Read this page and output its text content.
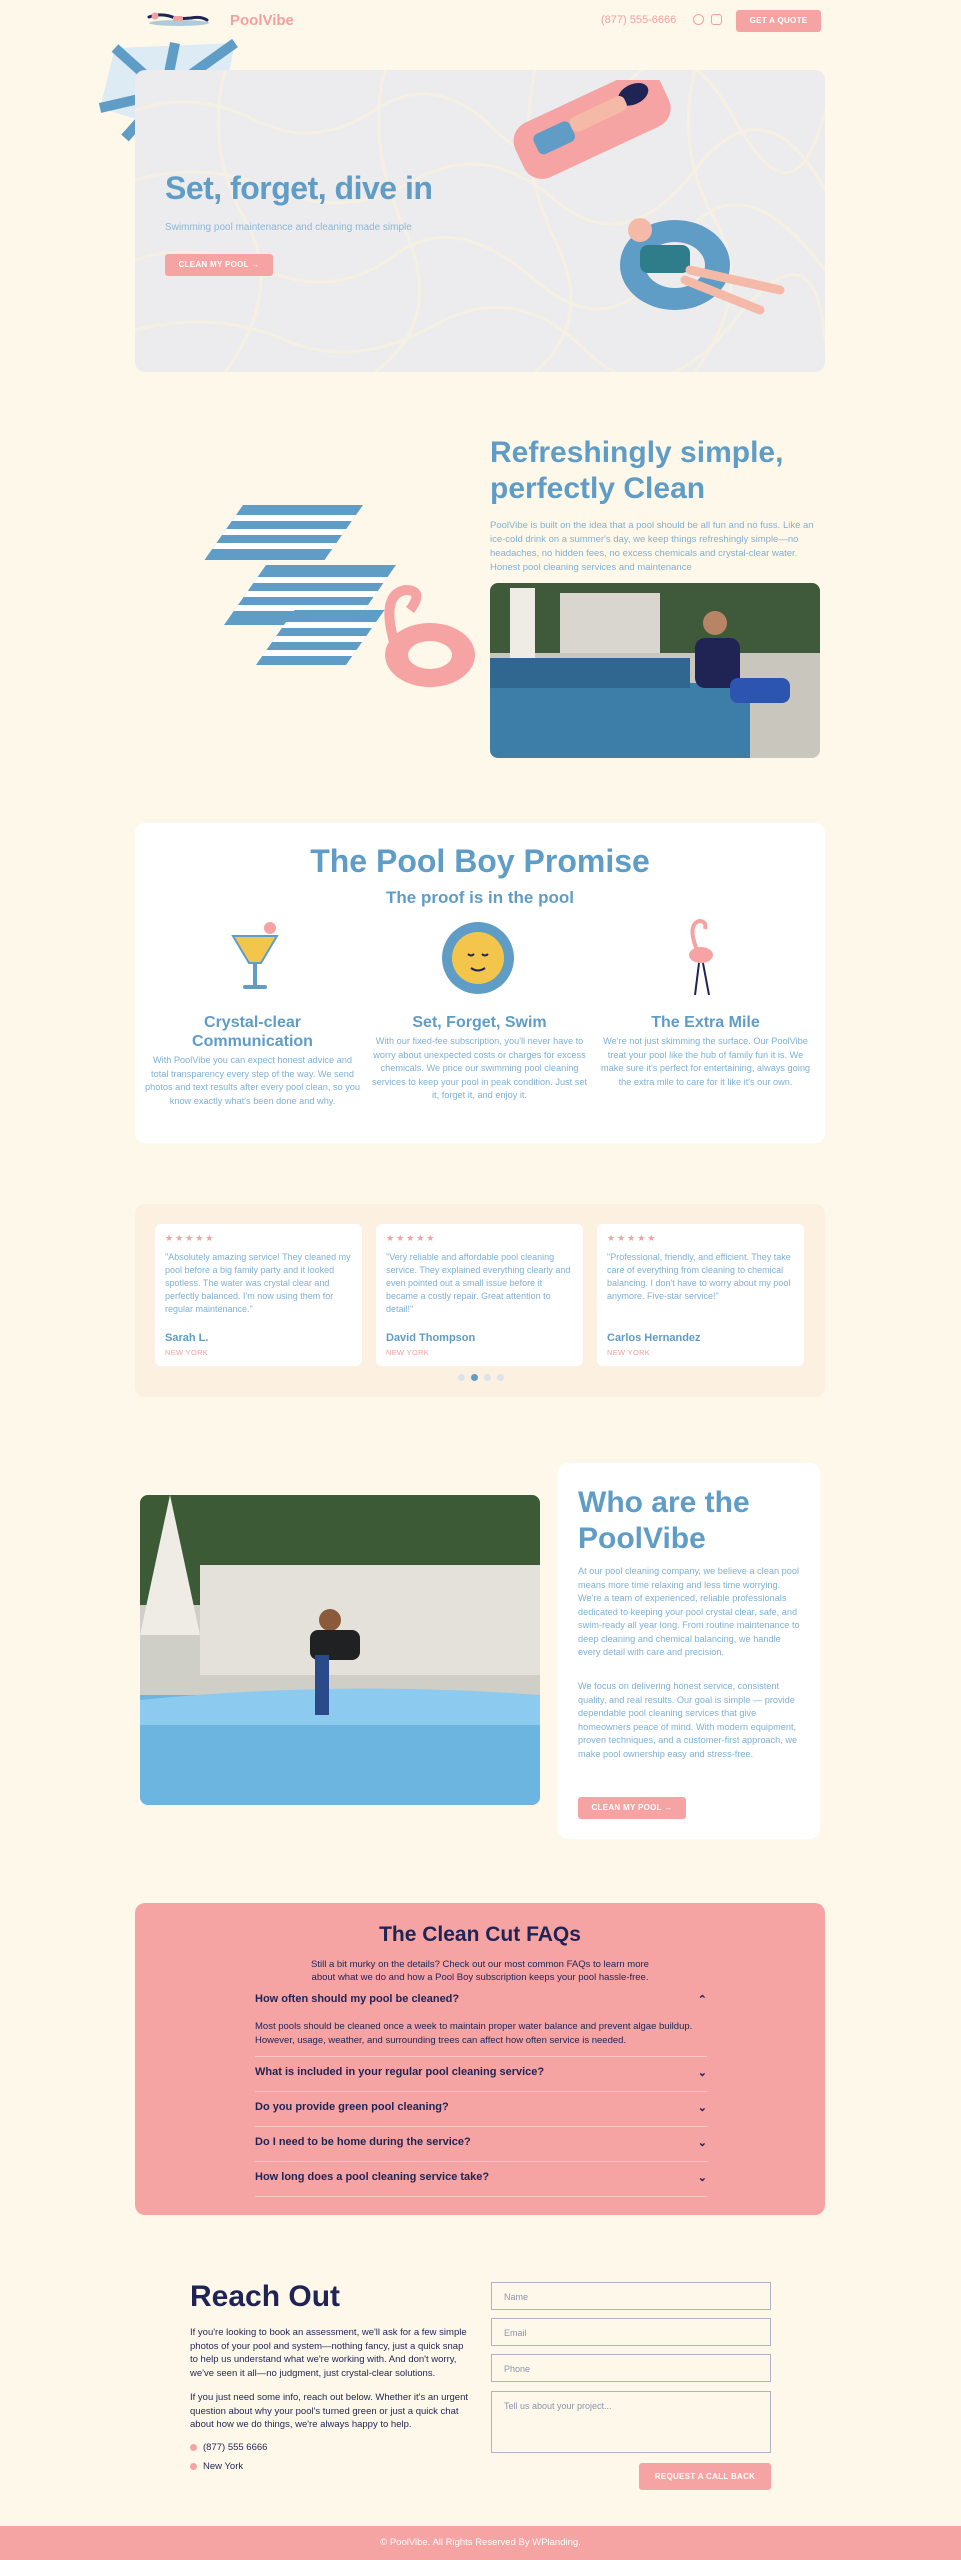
PoolVibe	(877) 555-6666	GET A QUOTE
Set, forget, dive in
Swimming pool maintenance and cleaning made simple
CLEAN MY POOL →
Refreshingly simple, perfectly Clean
PoolVibe is built on the idea that a pool should be all fun and no fuss. Like an ice-cold drink on a summer's day, we keep things refreshingly simple—no headaches, no hidden fees, no excess chemicals and crystal-clear water. Honest pool cleaning services and maintenance
The Pool Boy Promise
The proof is in the pool
Crystal-clear Communication

With PoolVibe you can expect honest advice and total transparency every step of the way. We send photos and text results after every pool clean, so you know exactly what's been done and why.

Set, Forget, Swim

With our fixed-fee subscription, you'll never have to worry about unexpected costs or charges for excess chemicals. We price our swimming pool cleaning services to keep your pool in peak condition. Just set it, forget it, and enjoy it.

The Extra Mile

We're not just skimming the surface. Our PoolVibe treat your pool like the hub of family fun it is. We make sure it's perfect for entertaining, always going the extra mile to care for it like it's our own.

★★★★★
"Absolutely amazing service! They cleaned my pool before a big family party and it looked spotless. The water was crystal clear and perfectly balanced. I'm now using them for regular maintenance."
Sarah L.
NEW YORK
★★★★★
"Very reliable and affordable pool cleaning service. They explained everything clearly and even pointed out a small issue before it became a costly repair. Great attention to detail!"
David Thompson
NEW YORK
★★★★★
"Professional, friendly, and efficient. They take care of everything from cleaning to chemical balancing. I don't have to worry about my pool anymore. Five-star service!"
Carlos Hernandez
NEW YORK
Who are the PoolVibe

At our pool cleaning company, we believe a clean pool means more time relaxing and less time worrying. We're a team of experienced, reliable professionals dedicated to keeping your pool crystal clear, safe, and swim-ready all year long. From routine maintenance to deep cleaning and chemical balancing, we handle every detail with care and precision.

We focus on delivering honest service, consistent quality, and real results. Our goal is simple — provide dependable pool cleaning services that give homeowners peace of mind. With modern equipment, proven techniques, and a customer-first approach, we make pool ownership easy and stress-free.

CLEAN MY POOL →
The Clean Cut FAQs
Still a bit murky on the details? Check out our most common FAQs to learn more about what we do and how a Pool Boy subscription keeps your pool hassle-free.
How often should my pool be cleaned?	⌃
Most pools should be cleaned once a week to maintain proper water balance and prevent algae buildup. However, usage, weather, and surrounding trees can affect how often service is needed.
What is included in your regular pool cleaning service?	⌄
Do you provide green pool cleaning?	⌄
Do I need to be home during the service?	⌄
How long does a pool cleaning service take?	⌄
Reach Out
If you're looking to book an assessment, we'll ask for a few simple photos of your pool and system—nothing fancy, just a quick snap to help us understand what we're working with. And don't worry, we've seen it all—no judgment, just crystal-clear solutions.
If you just need some info, reach out below. Whether it's an urgent question about why your pool's turned green or just a quick chat about how we do things, we're always happy to help.
(877) 555 6666
New York
Name
Email
Phone
Tell us about your project...
REQUEST A CALL BACK
© PoolVibe. All Rights Reserved By WPlanding.
